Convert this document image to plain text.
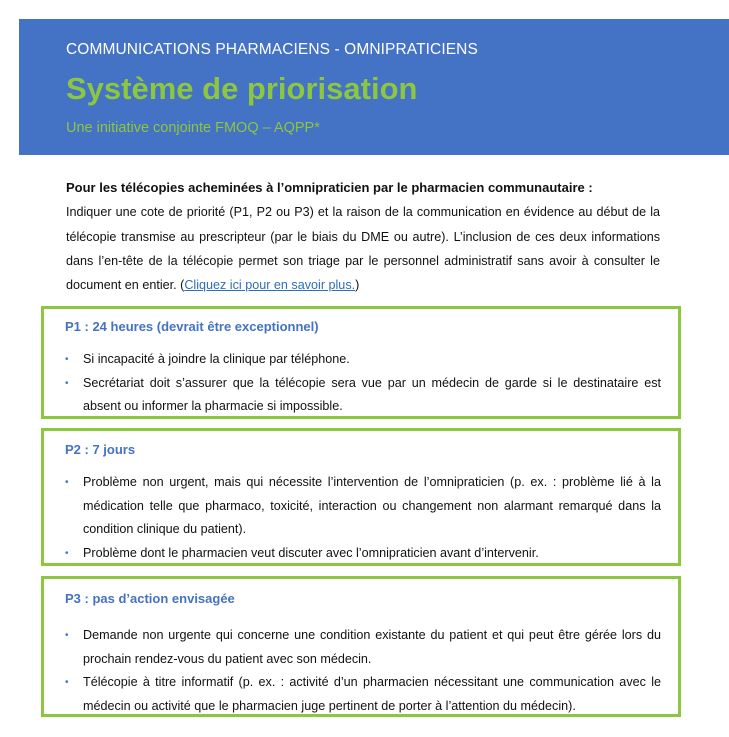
COMMUNICATIONS PHARMACIENS - OMNIPRATICIENS
Système de priorisation
Une initiative conjointe FMOQ – AQPP*
Pour les télécopies acheminées à l’omnipraticien par le pharmacien communautaire :
Indiquer une cote de priorité (P1, P2 ou P3) et la raison de la communication en évidence au début de la télécopie transmise au prescripteur (par le biais du DME ou autre). L’inclusion de ces deux informations dans l’en-tête de la télécopie permet son triage par le personnel administratif sans avoir à consulter le document en entier. (Cliquez ici pour en savoir plus.)
P1 : 24 heures (devrait être exceptionnel)
• Si incapacité à joindre la clinique par téléphone.
• Secrétariat doit s’assurer que la télécopie sera vue par un médecin de garde si le destinataire est absent ou informer la pharmacie si impossible.
P2 : 7 jours
• Problème non urgent, mais qui nécessite l’intervention de l’omnipraticien (p. ex. : problème lié à la médication telle que pharmaco, toxicité, interaction ou changement non alarmant remarqué dans la condition clinique du patient).
• Problème dont le pharmacien veut discuter avec l’omnipraticien avant d’intervenir.
P3 : pas d’action envisagée
• Demande non urgente qui concerne une condition existante du patient et qui peut être gérée lors du prochain rendez-vous du patient avec son médecin.
• Télécopie à titre informatif (p. ex. : activité d’un pharmacien nécessitant une communication avec le médecin ou activité que le pharmacien juge pertinent de porter à l’attention du médecin).
